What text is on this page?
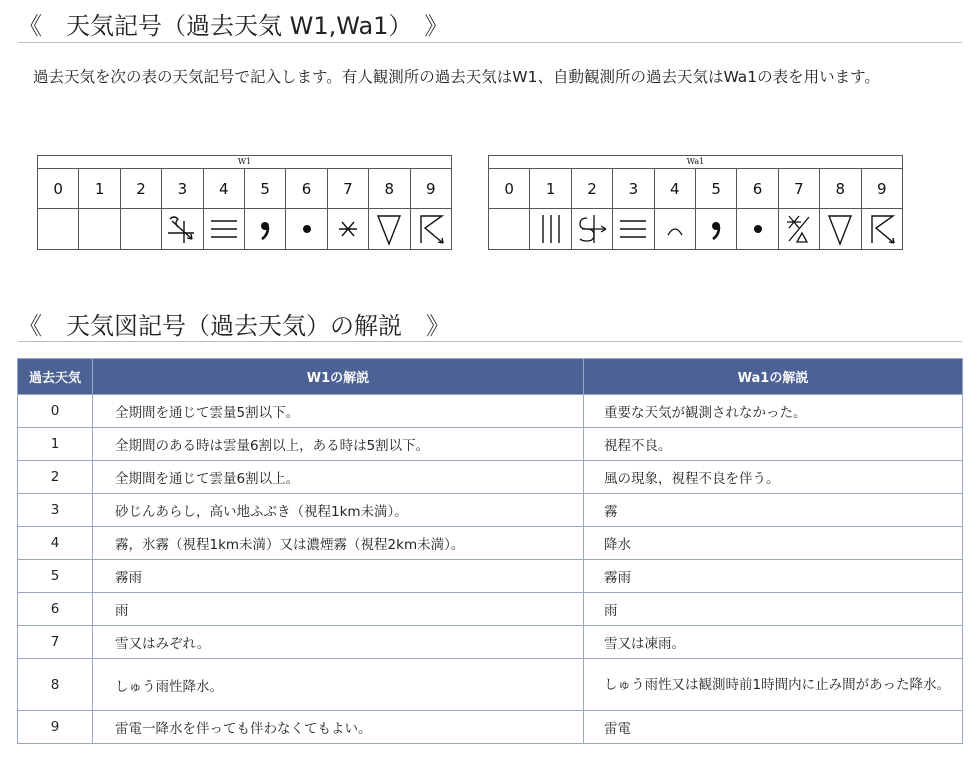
《　天気記号（過去天気 W1,Wa1）　》

過去天気を次の表の天気記号で記入します。有人観測所の過去天気はW1、自動観測所の過去天気はWa1の表を用います。

W1									
0	1	2	3	4	5	6	7	8	9

Wa1									
0	1	2	3	4	5	6	7	8	9

《　天気図記号（過去天気）の解説　》
過去天気	W1の解説	Wa1の解説
0	全期間を通じて雲量5割以下。	重要な天気が観測されなかった。
1	全期間のある時は雲量6割以上，ある時は5割以下。	視程不良。
2	全期間を通じて雲量6割以上。	風の現象，視程不良を伴う。
3	砂じんあらし，高い地ふぶき（視程1km未満）。	霧
4	霧，氷霧（視程1km未満）又は濃煙霧（視程2km未満）。	降水
5	霧雨	霧雨
6	雨	雨
7	雪又はみぞれ。	雪又は凍雨。
8	しゅう雨性降水。	しゅう雨性又は観測時前1時間内に止み間があった降水。
9	雷電一降水を伴っても伴わなくてもよい。	雷電
